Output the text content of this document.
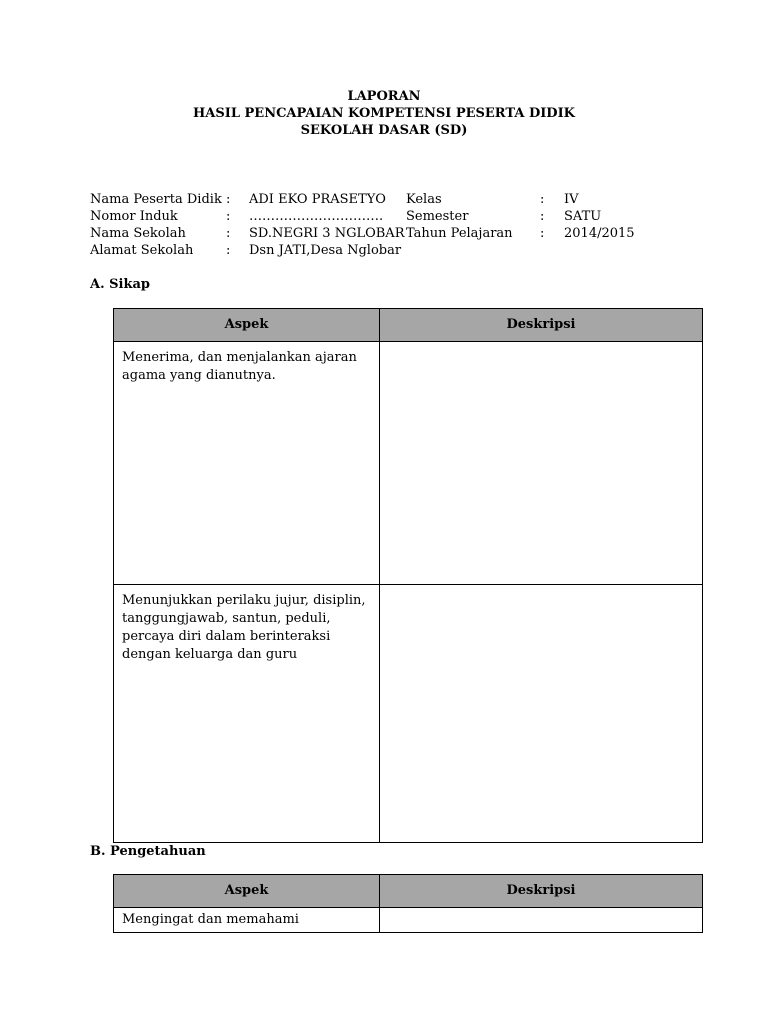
LAPORAN
HASIL PENCAPAIAN KOMPETENSI PESERTA DIDIK
SEKOLAH DASAR (SD)
Nama Peserta Didik : ADI EKO PRASETYO
Nomor Induk	: ………………………….
Nama Sekolah	: SD.NEGRI 3 NGLOBAR
Alamat Sekolah	: Dsn JATI,Desa Nglobar
Kelas	: IV
Semester	: SATU
Tahun Pelajaran : 2014/2015
A. Sikap
Aspek	Deskripsi

Menerima, dan menjalankan ajaran agama yang dianutnya.	

Menunjukkan perilaku jujur, disiplin, tanggungjawab, santun, peduli, percaya diri dalam berinteraksi dengan keluarga dan guru	

B. Pengetahuan
Aspek	Deskripsi

Mengingat dan memahami	
